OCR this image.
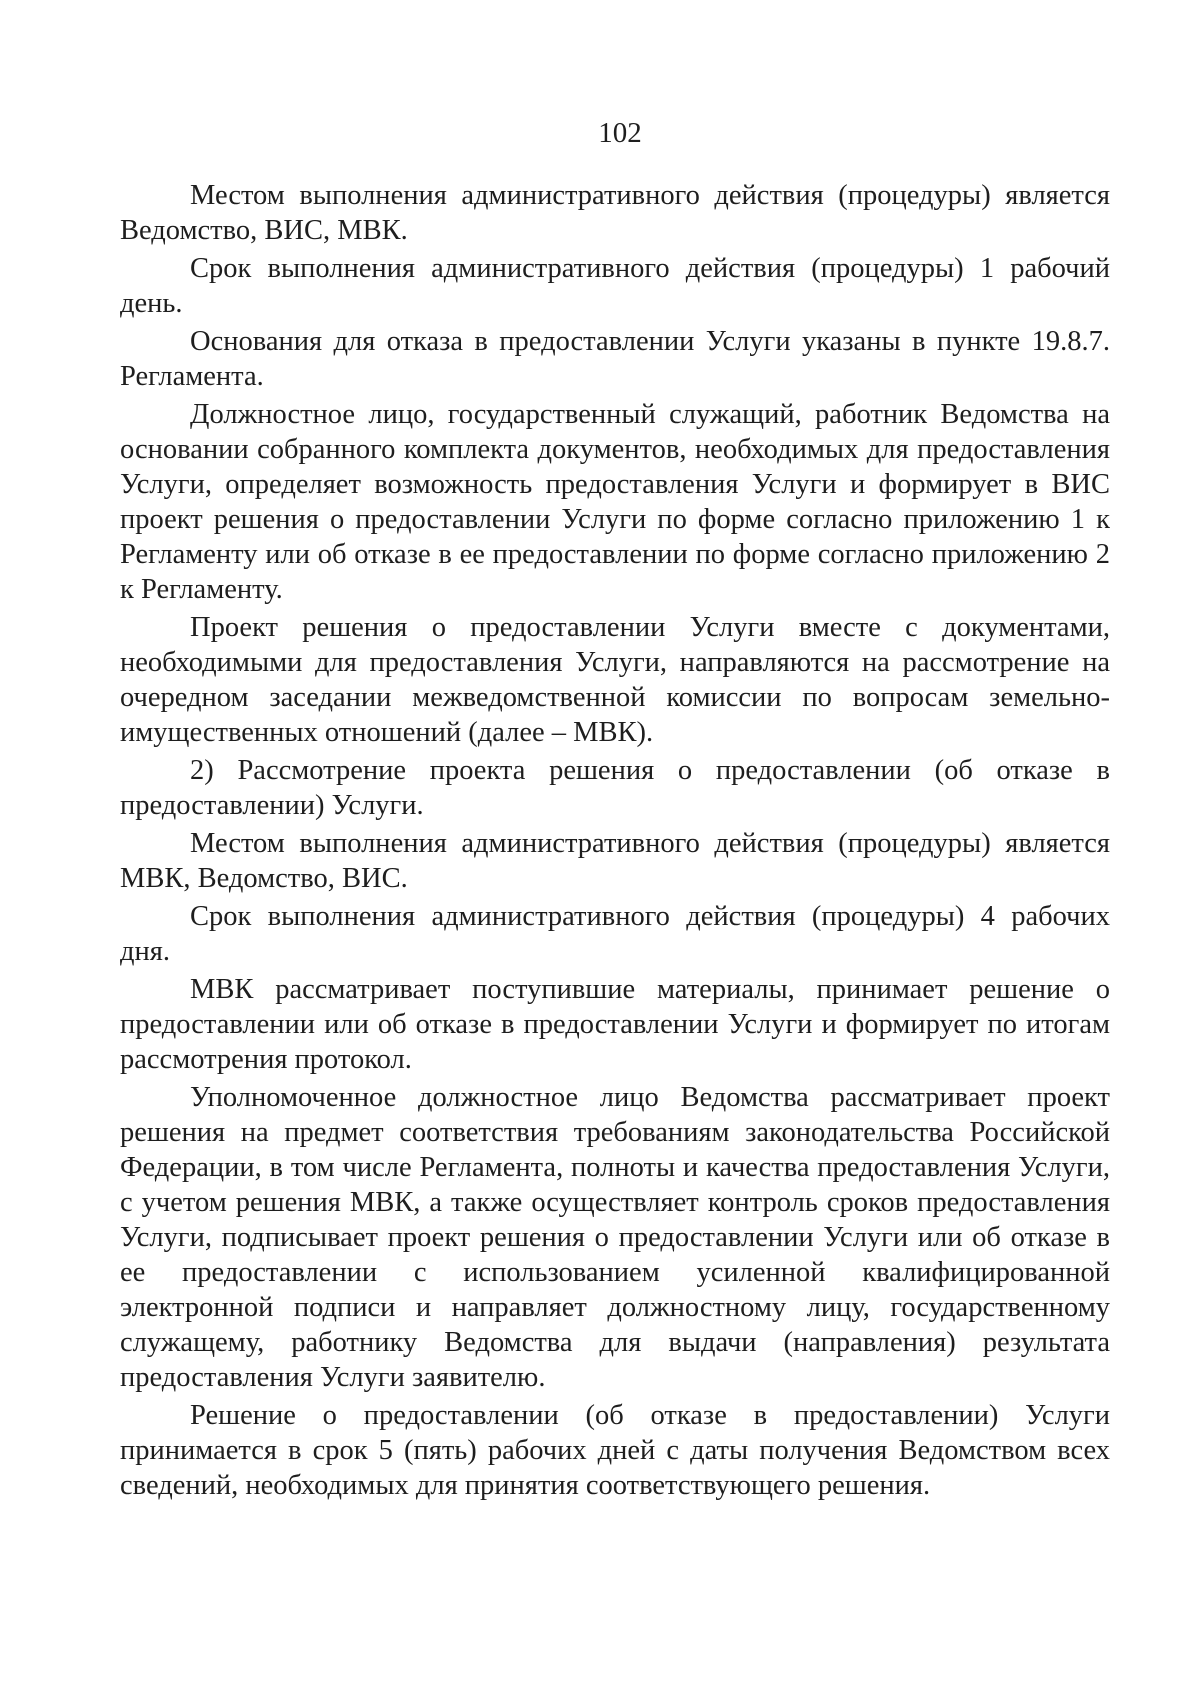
102

Местом выполнения административного действия (процедуры) является Ведомство, ВИС, МВК.

Срок выполнения административного действия (процедуры) 1 рабочий день.

Основания для отказа в предоставлении Услуги указаны в пункте 19.8.7. Регламента.

Должностное лицо, государственный служащий, работник Ведомства на основании собранного комплекта документов, необходимых для предоставления Услуги, определяет возможность предоставления Услуги и формирует в ВИС проект решения о предоставлении Услуги по форме согласно приложению 1 к Регламенту или об отказе в ее предоставлении по форме согласно приложению 2 к Регламенту.

Проект решения о предоставлении Услуги вместе с документами, необходимыми для предоставления Услуги, направляются на рассмотрение на очередном заседании межведомственной комиссии по вопросам земельно-имущественных отношений (далее – МВК).

2) Рассмотрение проекта решения о предоставлении (об отказе в предоставлении) Услуги.

Местом выполнения административного действия (процедуры) является МВК, Ведомство, ВИС.

Срок выполнения административного действия (процедуры) 4 рабочих дня.

МВК рассматривает поступившие материалы, принимает решение о предоставлении или об отказе в предоставлении Услуги и формирует по итогам рассмотрения протокол.

Уполномоченное должностное лицо Ведомства рассматривает проект решения на предмет соответствия требованиям законодательства Российской Федерации, в том числе Регламента, полноты и качества предоставления Услуги, с учетом решения МВК, а также осуществляет контроль сроков предоставления Услуги, подписывает проект решения о предоставлении Услуги или об отказе в ее предоставлении с использованием усиленной квалифицированной электронной подписи и направляет должностному лицу, государственному служащему, работнику Ведомства для выдачи (направления) результата предоставления Услуги заявителю.

Решение о предоставлении (об отказе в предоставлении) Услуги принимается в срок 5 (пять) рабочих дней с даты получения Ведомством всех сведений, необходимых для принятия соответствующего решения.
